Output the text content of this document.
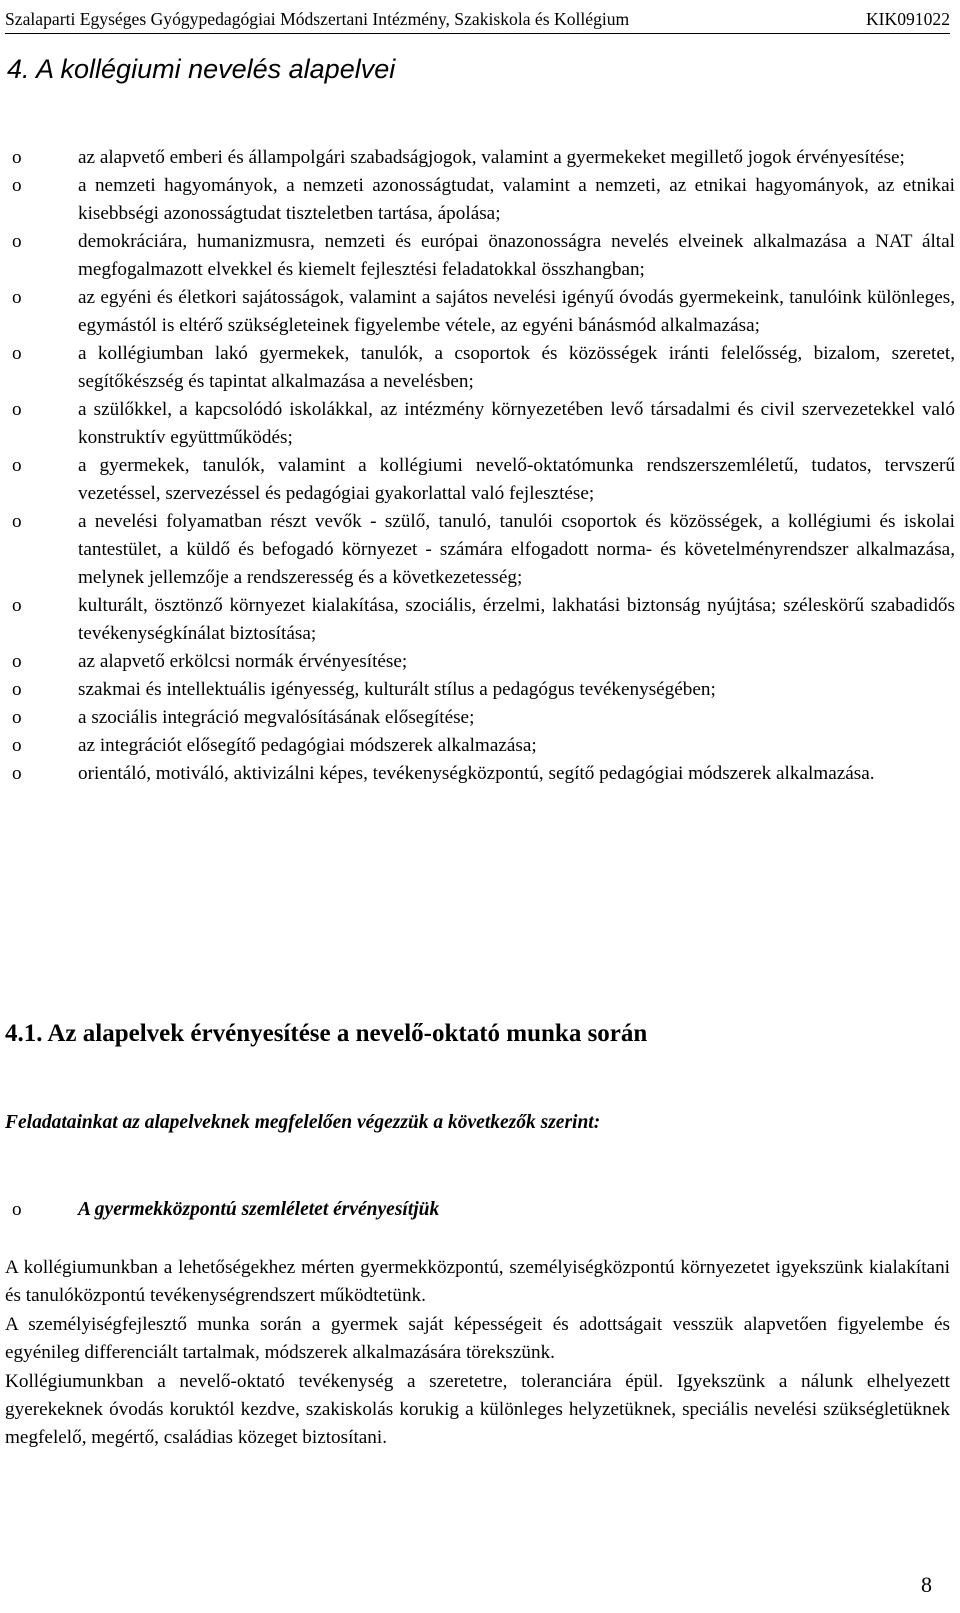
Szalaparti Egységes Gyógypedagógiai Módszertani Intézmény, Szakiskola és Kollégium	KIK091022
4. A kollégiumi nevelés alapelvei
o	az alapvető emberi és állampolgári szabadságjogok, valamint a gyermekeket megillető jogok érvényesítése;
o	a nemzeti hagyományok, a nemzeti azonosságtudat, valamint a nemzeti, az etnikai hagyományok, az etnikai kisebbségi azonosságtudat tiszteletben tartása, ápolása;
o	demokráciára, humanizmusra, nemzeti és európai önazonosságra nevelés elveinek alkalmazása a NAT által megfogalmazott elvekkel és kiemelt fejlesztési feladatokkal összhangban;
o	az egyéni és életkori sajátosságok, valamint a sajátos nevelési igényű óvodás gyermekeink, tanulóink különleges, egymástól is eltérő szükségleteinek figyelembe vétele, az egyéni bánásmód alkalmazása;
o	a kollégiumban lakó gyermekek, tanulók, a csoportok és közösségek iránti felelősség, bizalom, szeretet, segítőkészség és tapintat alkalmazása a nevelésben;
o	a szülőkkel, a kapcsolódó iskolákkal, az intézmény környezetében levő társadalmi és civil szervezetekkel való konstruktív együttműködés;
o	a gyermekek, tanulók, valamint a kollégiumi nevelő-oktatómunka rendszerszemléletű, tudatos, tervszerű vezetéssel, szervezéssel és pedagógiai gyakorlattal való fejlesztése;
o	a nevelési folyamatban részt vevők - szülő, tanuló, tanulói csoportok és közösségek, a kollégiumi és iskolai tantestület, a küldő és befogadó környezet - számára elfogadott norma- és követelményrendszer alkalmazása, melynek jellemzője a rendszeresség és a következetesség;
o	kulturált, ösztönző környezet kialakítása, szociális, érzelmi, lakhatási biztonság nyújtása; széleskörű szabadidős tevékenységkínálat biztosítása;
o	az alapvető erkölcsi normák érvényesítése;
o	szakmai és intellektuális igényesség, kulturált stílus a pedagógus tevékenységében;
o	a szociális integráció megvalósításának elősegítése;
o	az integrációt elősegítő pedagógiai módszerek alkalmazása;
o	orientáló, motiváló, aktivizálni képes, tevékenységközpontú, segítő pedagógiai módszerek alkalmazása.
4.1. Az alapelvek érvényesítése a nevelő-oktató munka során

Feladatainkat az alapelveknek megfelelően végezzük a következők szerint:

o	A gyermekközpontú szemléletet érvényesítjük

A kollégiumunkban a lehetőségekhez mérten gyermekközpontú, személyiségközpontú környezetet igyekszünk kialakítani és tanulóközpontú tevékenységrendszert működtetünk.

A személyiségfejlesztő munka során a gyermek saját képességeit és adottságait vesszük alapvetően figyelembe és egyénileg differenciált tartalmak, módszerek alkalmazására törekszünk.

Kollégiumunkban a nevelő-oktató tevékenység a szeretetre, toleranciára épül. Igyekszünk a nálunk elhelyezett gyerekeknek óvodás koruktól kezdve, szakiskolás korukig a különleges helyzetüknek, speciális nevelési szükségletüknek megfelelő, megértő, családias közeget biztosítani.

8
